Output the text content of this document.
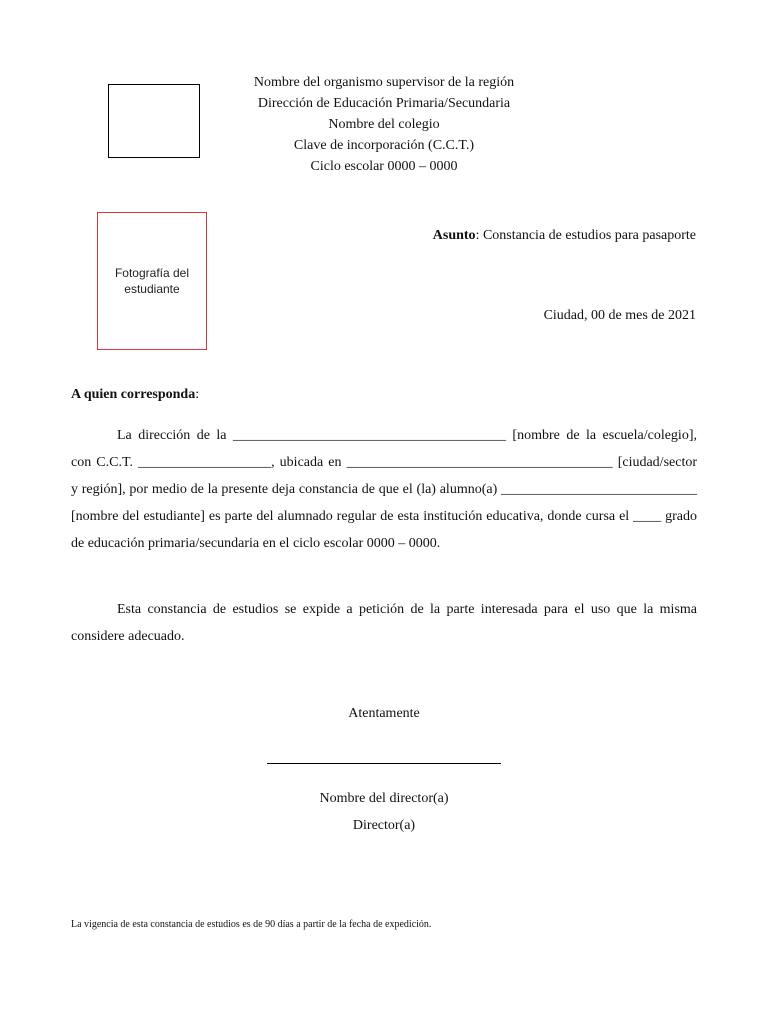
Nombre del organismo supervisor de la región
Dirección de Educación Primaria/Secundaria
Nombre del colegio
Clave de incorporación (C.C.T.)
Ciclo escolar 0000 – 0000
Fotografía del
estudiante
Asunto: Constancia de estudios para pasaporte
Ciudad, 00 de mes de 2021
A quien corresponda:

La dirección de la _______________________________________ [nombre de la escuela/colegio], con C.C.T. ___________________, ubicada en ______________________________________ [ciudad/sector y región], por medio de la presente deja constancia de que el (la) alumno(a) ____________________________ [nombre del estudiante] es parte del alumnado regular de esta institución educativa, donde cursa el ____ grado de educación primaria/secundaria en el ciclo escolar 0000 – 0000.

Esta constancia de estudios se expide a petición de la parte interesada para el uso que la misma considere adecuado.

Atentamente
Nombre del director(a)
Director(a)
La vigencia de esta constancia de estudios es de 90 días a partir de la fecha de expedición.
